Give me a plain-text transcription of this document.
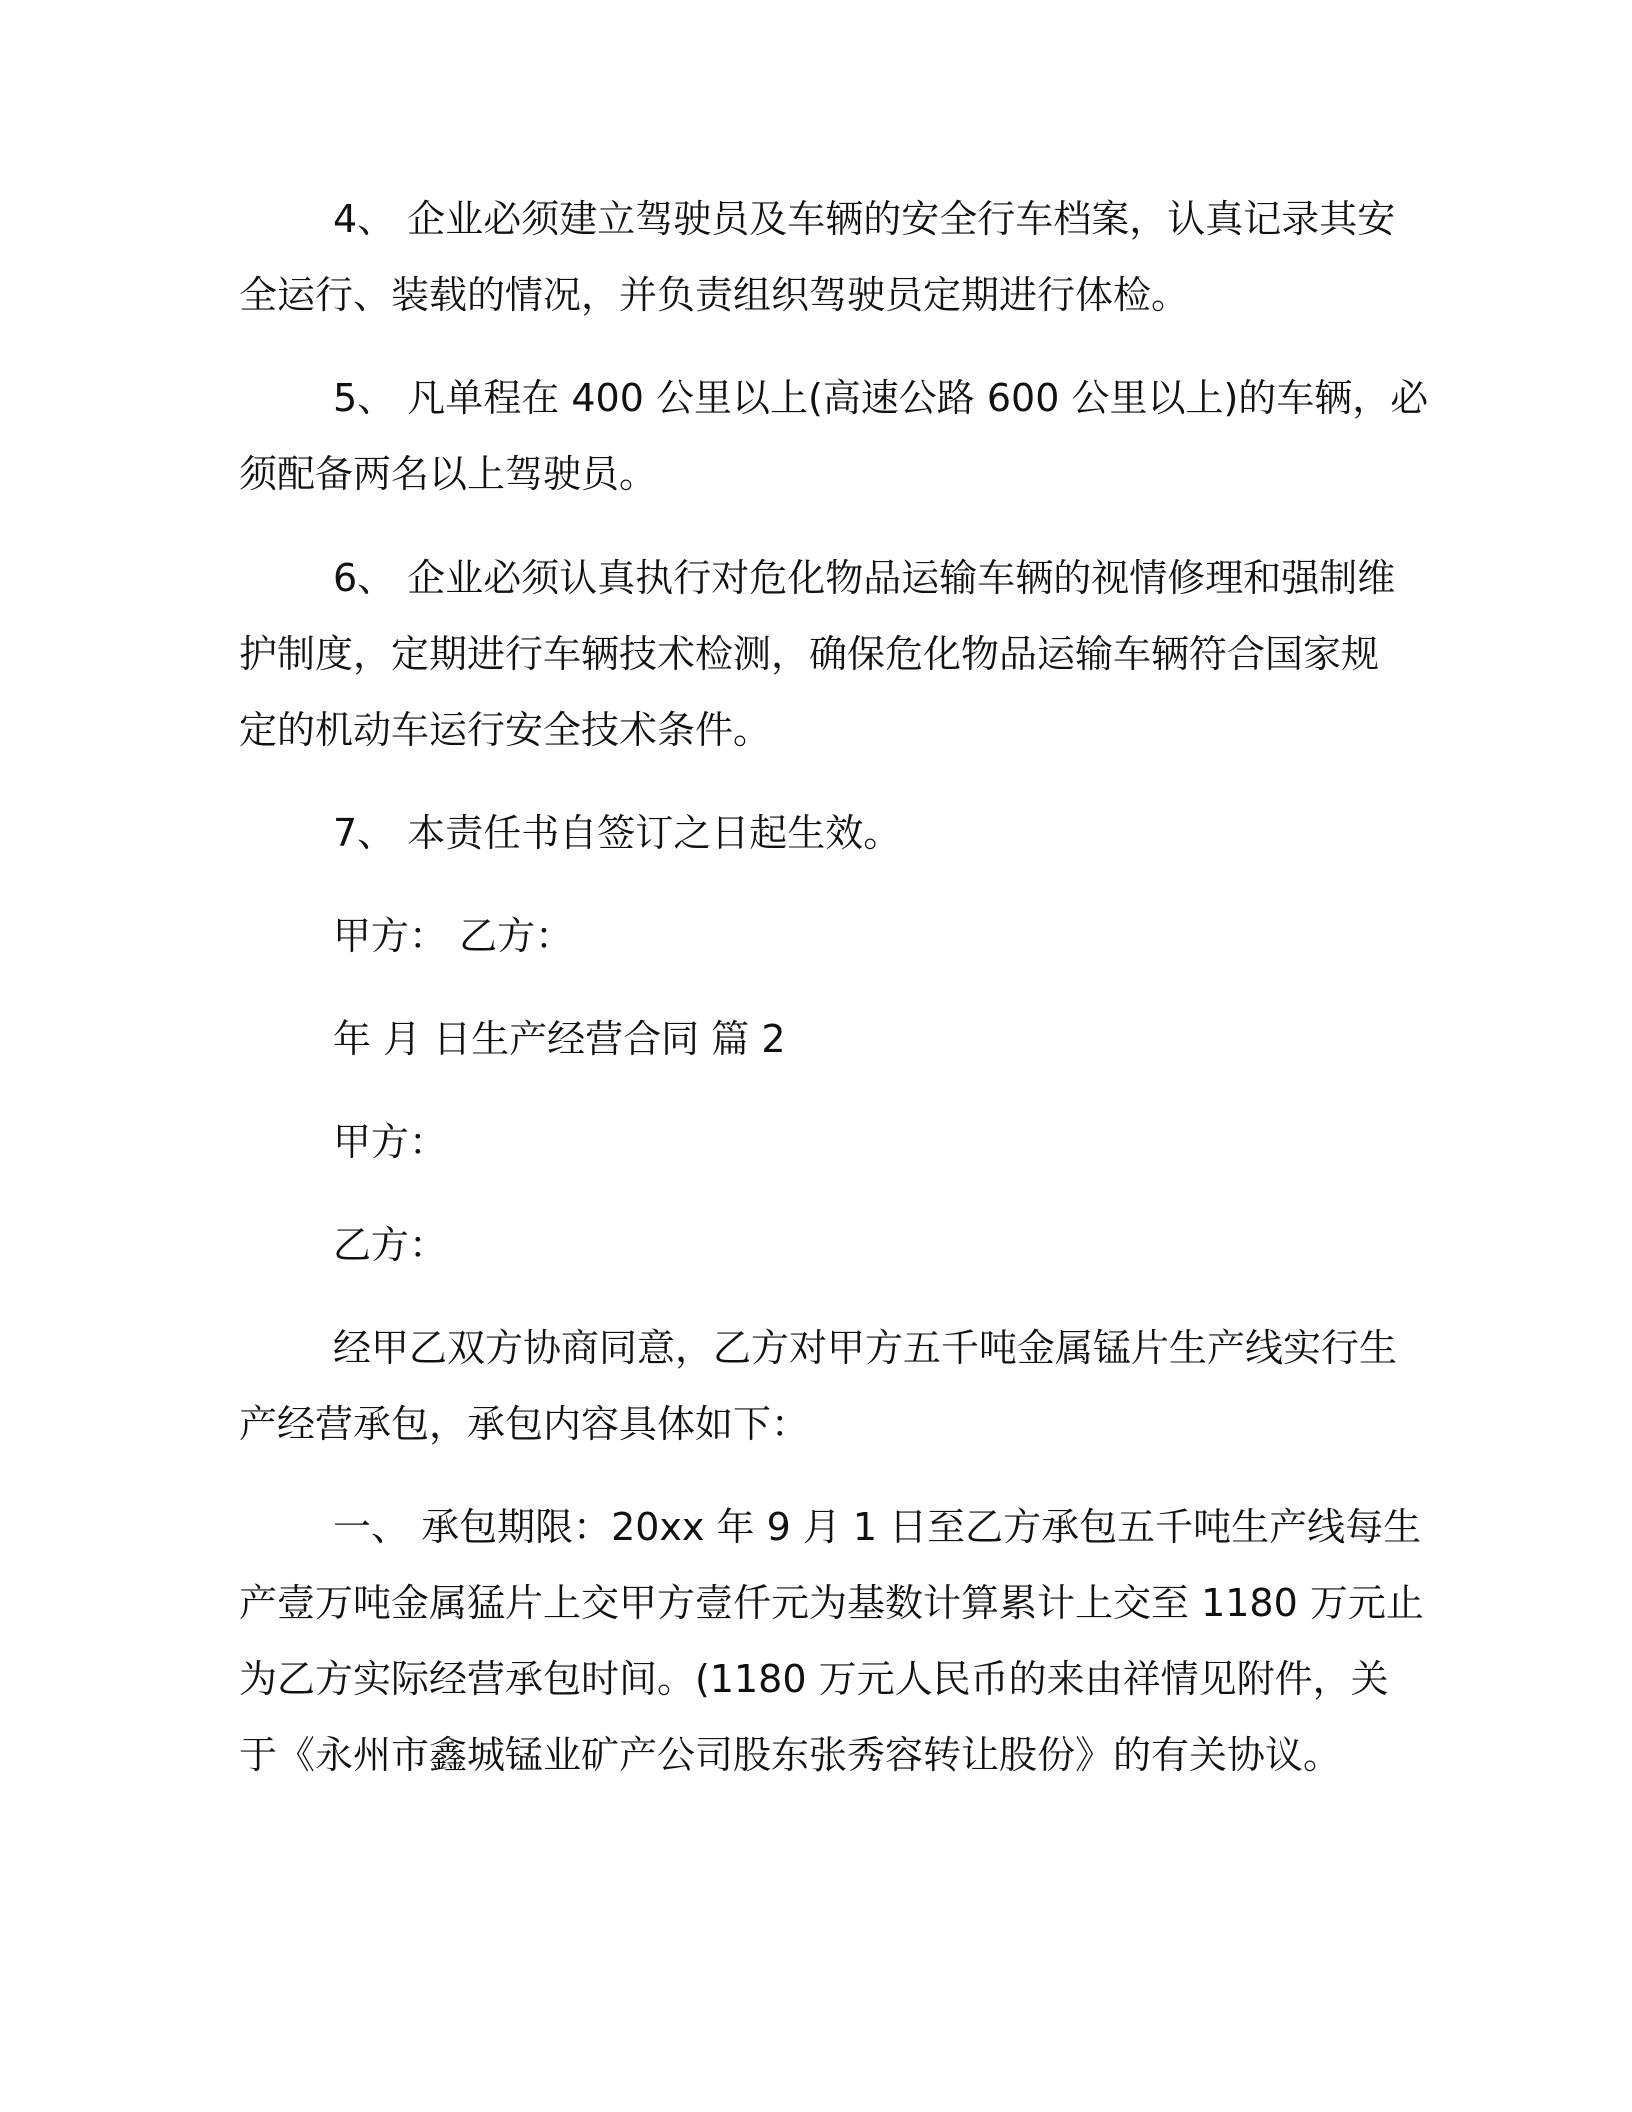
4、 企业必须建立驾驶员及车辆的安全行车档案，认真记录其安
全运行、装载的情况，并负责组织驾驶员定期进行体检。
5、 凡单程在 400 公里以上(高速公路 600 公里以上)的车辆，必
须配备两名以上驾驶员。
6、 企业必须认真执行对危化物品运输车辆的视情修理和强制维
护制度，定期进行车辆技术检测，确保危化物品运输车辆符合国家规
定的机动车运行安全技术条件。
7、 本责任书自签订之日起生效。
甲方： 乙方：
年 月 日生产经营合同 篇 2
甲方：
乙方：
经甲乙双方协商同意，乙方对甲方五千吨金属锰片生产线实行生
产经营承包，承包内容具体如下：
一、 承包期限：20xx 年 9 月 1 日至乙方承包五千吨生产线每生
产壹万吨金属猛片上交甲方壹仟元为基数计算累计上交至 1180 万元止
为乙方实际经营承包时间。(1180 万元人民币的来由祥情见附件，关
于《永州市鑫城锰业矿产公司股东张秀容转让股份》的有关协议。
